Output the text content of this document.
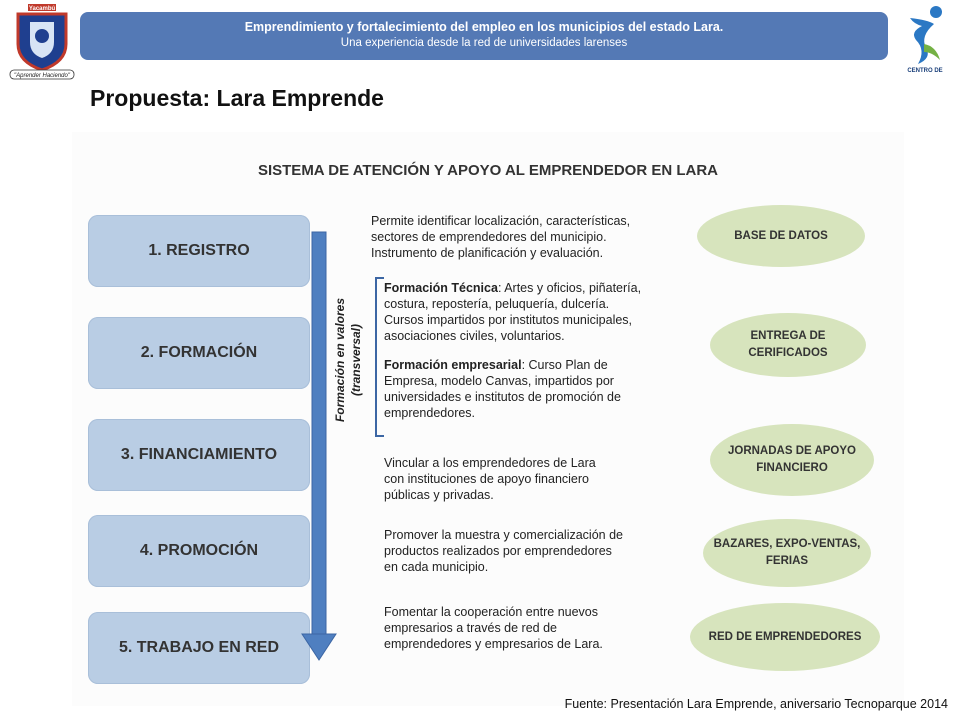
Yacambú
"Aprender Haciendo"
Emprendimiento y fortalecimiento del empleo en los municipios del estado Lara.
Una experiencia desde la red de universidades larenses
CENTRO DE
Propuesta: Lara Emprende
SISTEMA DE ATENCIÓN Y APOYO AL EMPRENDEDOR EN LARA
1. REGISTRO
2. FORMACIÓN
3. FINANCIAMIENTO
4. PROMOCIÓN
5. TRABAJO EN RED
Formación en valores (transversal)
Permite identificar localización, características,
sectores de emprendedores del municipio.
Instrumento de planificación y evaluación.
Formación Técnica: Artes y oficios, piñatería,
costura, repostería, peluquería, dulcería.
Cursos impartidos por institutos municipales,
asociaciones civiles, voluntarios.
Formación empresarial: Curso Plan de
Empresa, modelo Canvas, impartidos por
universidades e institutos de promoción de
emprendedores.
Vincular a los emprendedores de Lara
con instituciones de apoyo financiero
públicas y privadas.
Promover la muestra y comercialización de
productos realizados por emprendedores
en cada municipio.
Fomentar la cooperación entre nuevos
empresarios a través de red de
emprendedores y empresarios de Lara.
BASE DE DATOS
ENTREGA DE CERIFICADOS
JORNADAS DE APOYO FINANCIERO
BAZARES, EXPO-VENTAS, FERIAS
RED DE EMPRENDEDORES
Fuente: Presentación Lara Emprende, aniversario Tecnoparque 2014
